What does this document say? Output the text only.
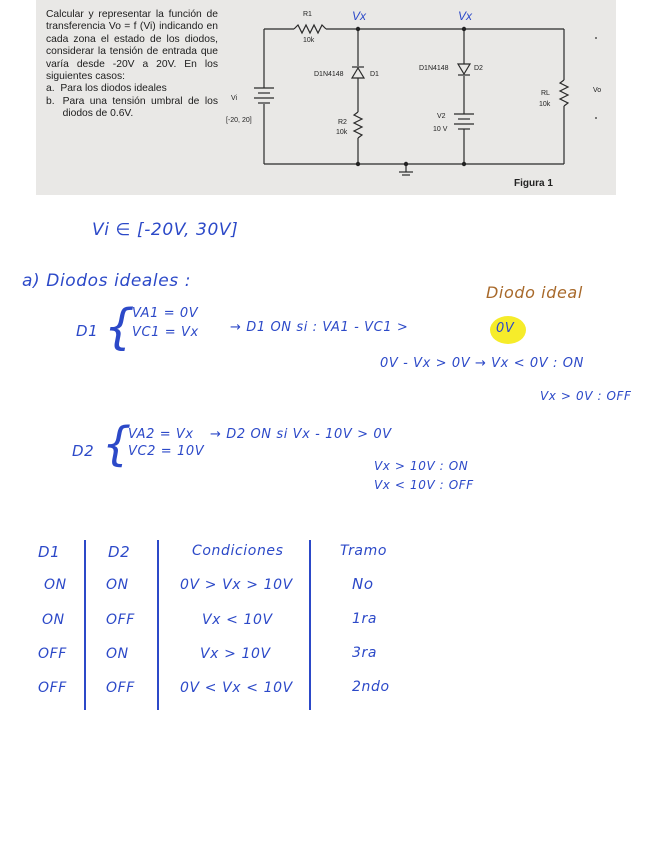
Calcular y representar la función de transferencia Vo = f (Vi) indicando en cada zona el estado de los diodos, considerar la tensión de entrada que varía desde -20V a 20V. En los siguientes casos:

a. Para los diodos ideales
b. Para una tensión umbral de los diodos de 0.6V.
R1
10k
Vx	Vx
D1N4148	D1
D1N4148	D2
Vi
[-20, 20]	R2
10k
V2
10 V
RL
10k
Vo
Figura 1
Vi ∈ [-20V, 30V]
a) Diodos ideales :
Diodo ideal
D1 {
VA1 = 0V
VC1 = Vx → D1 ON si : VA1 - VC1 >	0V
0V - Vx > 0V → Vx < 0V : ON
Vx > 0V : OFF
D2 {
VA2 = Vx
VC2 = 10V
→ D2 ON si Vx - 10V > 0V
Vx > 10V : ON
Vx < 10V : OFF
D1	D2	Condiciones	Tramo
ON	ON	0V > Vx > 10V	No
ON	OFF	Vx < 10V	1ra
OFF	ON	Vx > 10V	3ra
OFF	OFF	0V < Vx < 10V	2ndo
